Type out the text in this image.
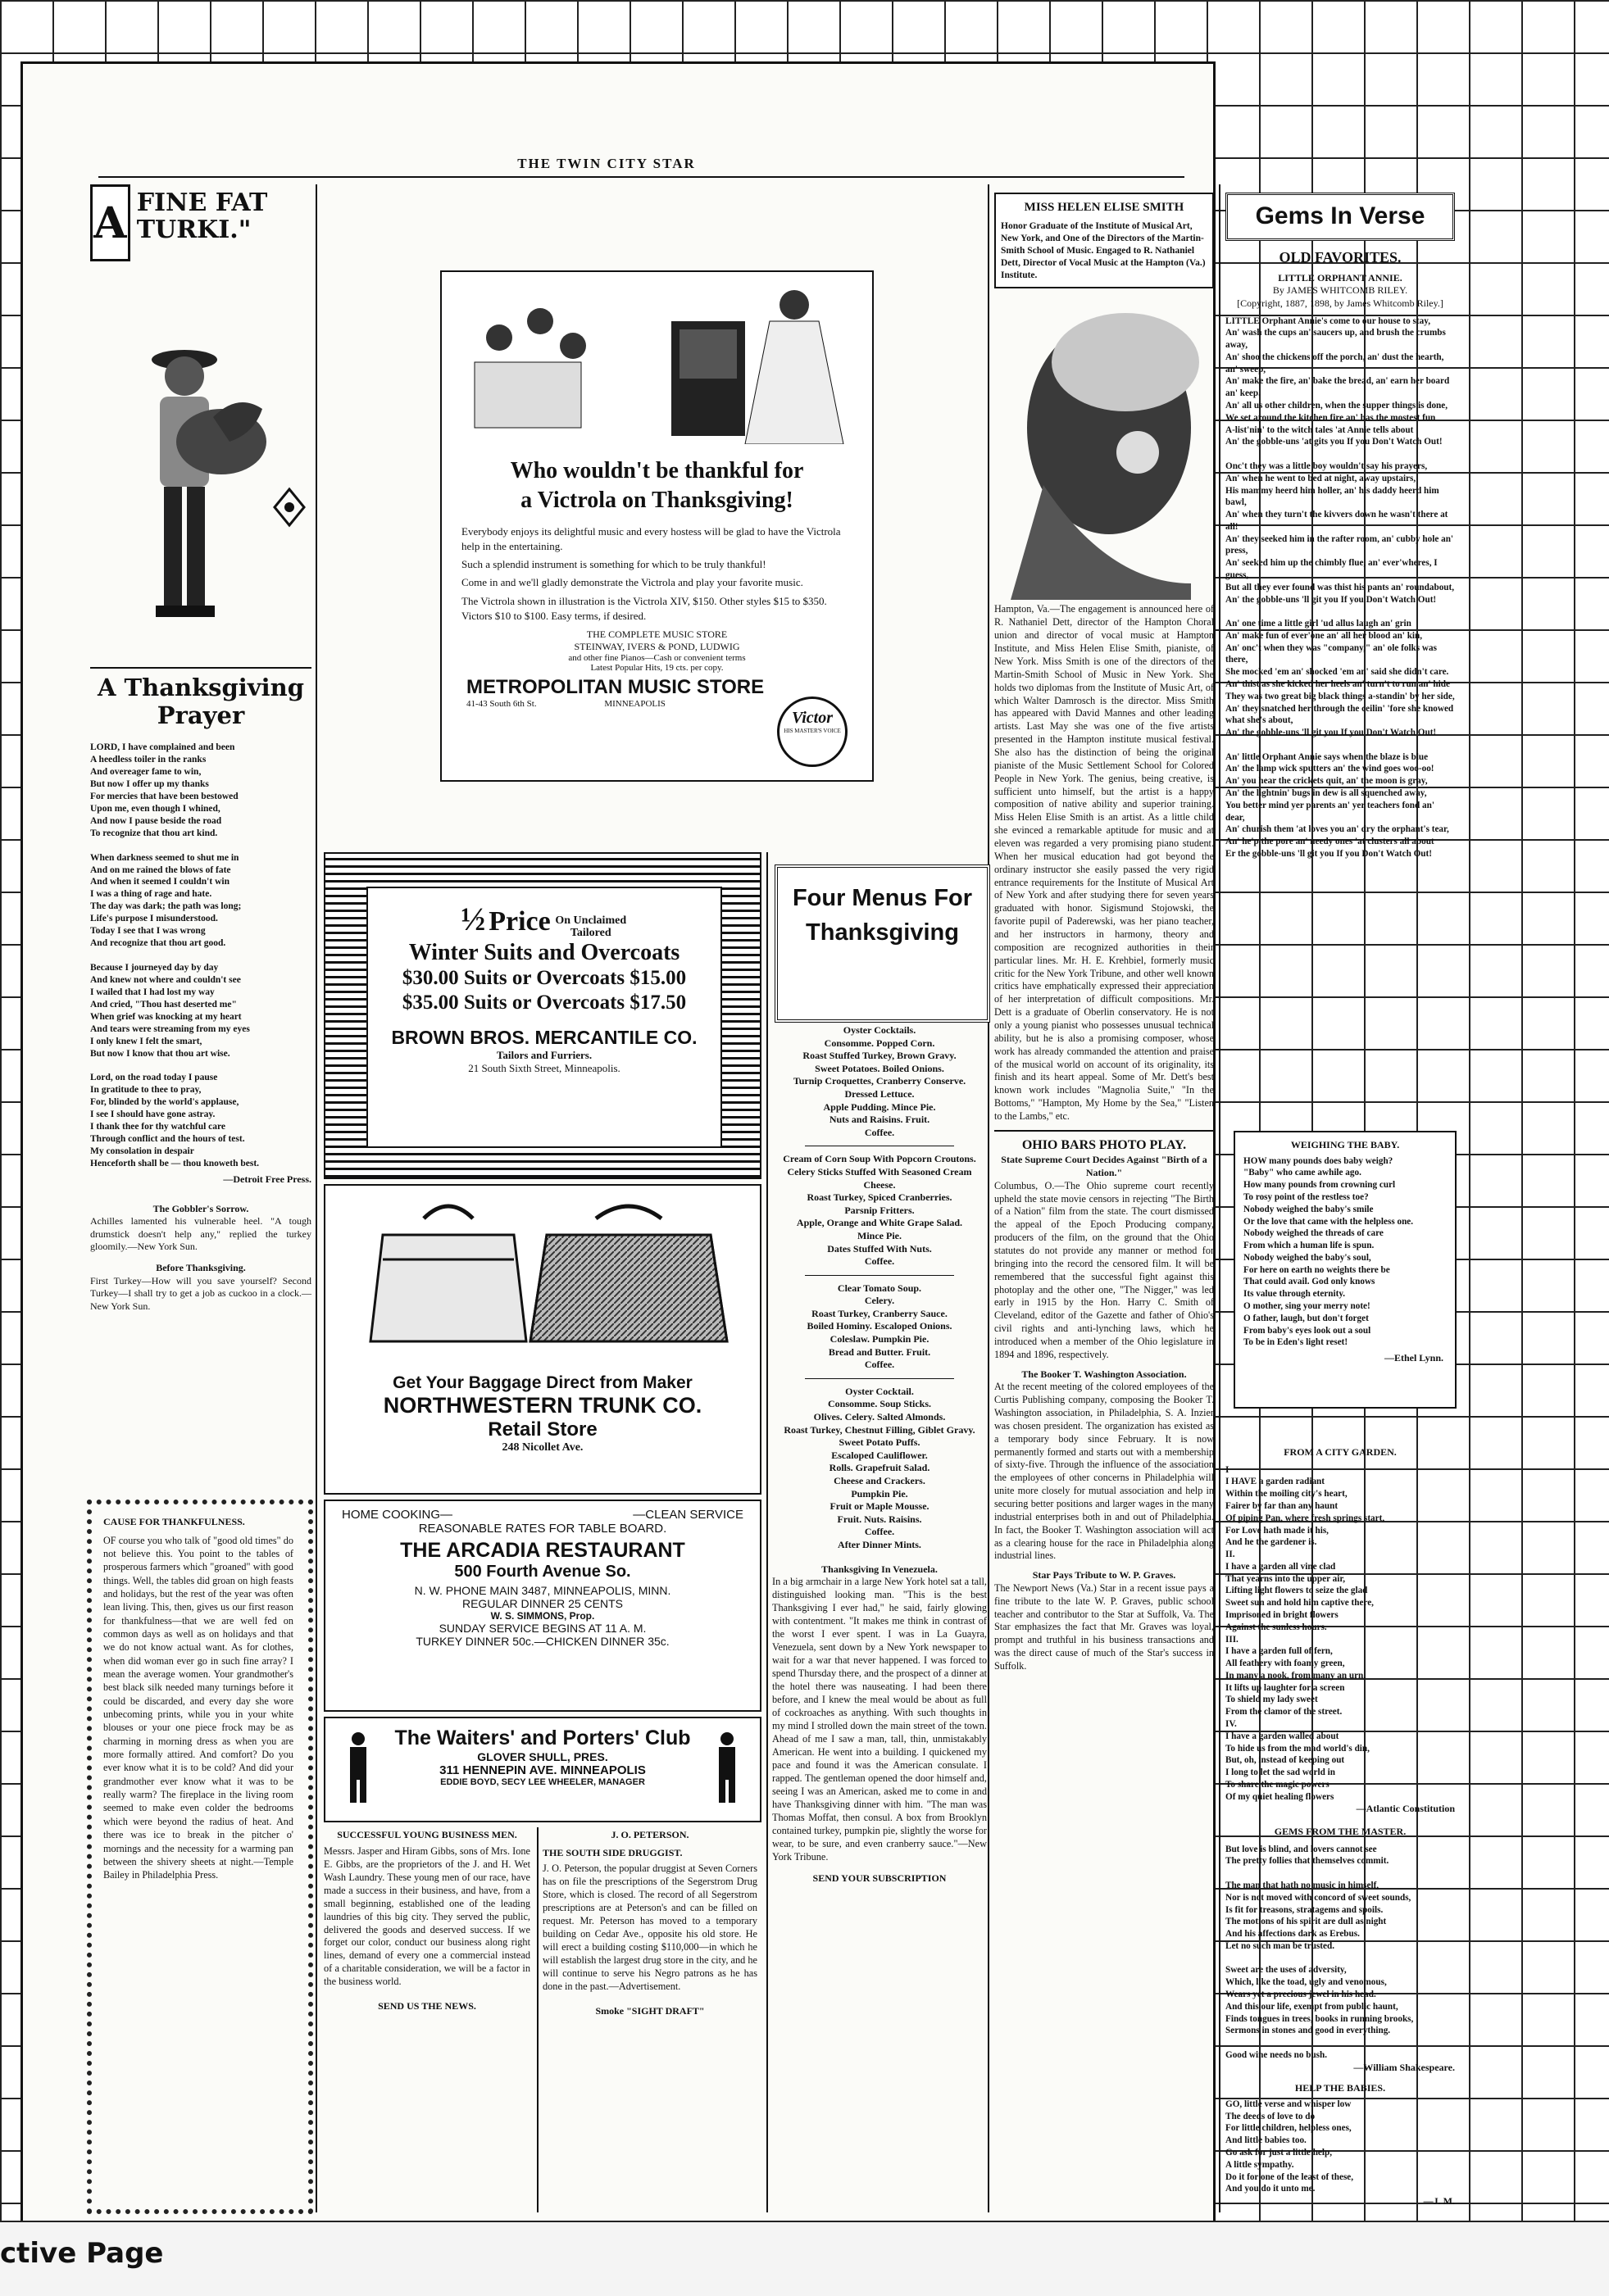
THE TWIN CITY STAR
A FINE FAT TURKI."
A Thanksgiving Prayer

LORD, I have complained and been

A heedless toiler in the ranks

And overeager fame to win,

But now I offer up my thanks

For mercies that have been bestowed

Upon me, even though I whined,

And now I pause beside the road

To recognize that thou art kind.

When darkness seemed to shut me in

And on me rained the blows of fate

And when it seemed I couldn't win

I was a thing of rage and hate.

The day was dark; the path was long;

Life's purpose I misunderstood.

Today I see that I was wrong

And recognize that thou art good.

Because I journeyed day by day

And knew not where and couldn't see

I wailed that I had lost my way

And cried, "Thou hast deserted me"

When grief was knocking at my heart

And tears were streaming from my eyes

I only knew I felt the smart,

But now I know that thou art wise.

Lord, on the road today I pause

In gratitude to thee to pray,

For, blinded by the world's applause,

I see I should have gone astray.

I thank thee for thy watchful care

Through conflict and the hours of test.

My consolation in despair

Henceforth shall be — thou knoweth best.

—Detroit Free Press.
The Gobbler's Sorrow.

Achilles lamented his vulnerable heel. "A tough drumstick doesn't help any," replied the turkey gloomily.—New York Sun.

Before Thanksgiving.

First Turkey—How will you save yourself? Second Turkey—I shall try to get a job as cuckoo in a clock.—New York Sun.

CAUSE FOR THANKFULNESS.

OF course you who talk of "good old times" do not believe this. You point to the tables of prosperous farmers which "groaned" with good things. Well, the tables did groan on high feasts and holidays, but the rest of the year was often lean living. This, then, gives us our first reason for thankfulness—that we are well fed on common days as well as on holidays and that we do not know actual want. As for clothes, when did woman ever go in such fine array? I mean the average women. Your grandmother's best black silk needed many turnings before it could be discarded, and every day she wore unbecoming prints, while you in your white blouses or your one piece frock may be as charming in morning dress as when you are more formally attired. And comfort? Do you ever know what it is to be cold? And did your grandmother ever know what it was to be really warm? The fireplace in the living room seemed to make even colder the bedrooms which were beyond the radius of heat. And there was ice to break in the pitcher o' mornings and the necessity for a warming pan between the shivery sheets at night.—Temple Bailey in Philadelphia Press.

Who wouldn't be thankful for
a Victrola on Thanksgiving!

Everybody enjoys its delightful music and every hostess will be glad to have the Victrola help in the entertaining.

Such a splendid instrument is something for which to be truly thankful!

Come in and we'll gladly demonstrate the Victrola and play your favorite music.

The Victrola shown in illustration is the Victrola XIV, $150. Other styles $15 to $350. Victors $10 to $100. Easy terms, if desired.

THE COMPLETE MUSIC STORE
STEINWAY, IVERS & POND, LUDWIG
and other fine Pianos—Cash or convenient terms
Latest Popular Hits, 19 cts. per copy.
METROPOLITAN MUSIC STORE
41-43 South 6th St.	MINNEAPOLIS
Victor
HIS MASTER'S VOICE
½ Price On Unclaimed Tailored
Winter Suits and Overcoats
$30.00 Suits or Overcoats $15.00
$35.00 Suits or Overcoats $17.50
BROWN BROS. MERCANTILE CO.
Tailors and Furriers.
21 South Sixth Street, Minneapolis.
Get Your Baggage Direct from Maker
NORTHWESTERN TRUNK CO.
Retail Store
248 Nicollet Ave.
HOME COOKING—	—CLEAN SERVICE
REASONABLE RATES FOR TABLE BOARD.
THE ARCADIA RESTAURANT
500 Fourth Avenue So.
N. W. PHONE MAIN 3487, MINNEAPOLIS, MINN.
REGULAR DINNER 25 CENTS
W. S. SIMMONS, Prop.
SUNDAY SERVICE BEGINS AT 11 A. M.
TURKEY DINNER 50c.—CHICKEN DINNER 35c.
The Waiters' and Porters' Club
GLOVER SHULL, PRES.
311 HENNEPIN AVE. MINNEAPOLIS
EDDIE BOYD, SECY LEE WHEELER, MANAGER
SUCCESSFUL YOUNG BUSINESS MEN.

Messrs. Jasper and Hiram Gibbs, sons of Mrs. Ione E. Gibbs, are the proprietors of the J. and H. Wet Wash Laundry. These young men of our race, have made a success in their business, and have, from a small beginning, established one of the leading laundries of this big city. They served the public, delivered the goods and deserved success. If we forget our color, conduct our business along right lines, demand of every one a commercial instead of a charitable consideration, we will be a factor in the business world.

SEND US THE NEWS.
J. O. PETERSON.
THE SOUTH SIDE DRUGGIST.

J. O. Peterson, the popular druggist at Seven Corners has on file the prescriptions of the Segerstrom Drug Store, which is closed. The record of all Segerstrom prescriptions are at Peterson's and can be filled on request. Mr. Peterson has moved to a temporary building on Cedar Ave., opposite his old store. He will erect a building costing $110,000—in which he will establish the largest drug store in the city, and he will continue to serve his Negro patrons as he has done in the past.—Advertisement.

Smoke "SIGHT DRAFT"
Four Menus For Thanksgiving

Oyster Cocktails.

Consomme. Popped Corn.

Roast Stuffed Turkey, Brown Gravy.

Sweet Potatoes. Boiled Onions.

Turnip Croquettes, Cranberry Conserve.

Dressed Lettuce.

Apple Pudding. Mince Pie.

Nuts and Raisins. Fruit.

Coffee.

Cream of Corn Soup With Popcorn Croutons.

Celery Sticks Stuffed With Seasoned Cream Cheese.

Roast Turkey, Spiced Cranberries.

Parsnip Fritters.

Apple, Orange and White Grape Salad.

Mince Pie.

Dates Stuffed With Nuts.

Coffee.

Clear Tomato Soup.

Celery.

Roast Turkey, Cranberry Sauce.

Boiled Hominy. Escaloped Onions.

Coleslaw. Pumpkin Pie.

Bread and Butter. Fruit.

Coffee.

Oyster Cocktail.

Consomme. Soup Sticks.

Olives. Celery. Salted Almonds.

Roast Turkey, Chestnut Filling, Giblet Gravy.

Sweet Potato Puffs.

Escaloped Cauliflower.

Rolls. Grapefruit Salad.

Cheese and Crackers.

Pumpkin Pie.

Fruit or Maple Mousse.

Fruit. Nuts. Raisins.

Coffee.

After Dinner Mints.

Thanksgiving In Venezuela.

In a big armchair in a large New York hotel sat a tall, distinguished looking man. "This is the best Thanksgiving I ever had," he said, fairly glowing with contentment. "It makes me think in contrast of the worst I ever spent. I was in La Guayra, Venezuela, sent down by a New York newspaper to wait for a war that never happened. I was forced to spend Thursday there, and the prospect of a dinner at the hotel there was nauseating. I had been there before, and I knew the meal would be about as full of cockroaches as anything. With such thoughts in my mind I strolled down the main street of the town. Ahead of me I saw a man, tall, thin, unmistakably American. He went into a building. I quickened my pace and found it was the American consulate. I rapped. The gentleman opened the door himself and, seeing I was an American, asked me to come in and have Thanksgiving dinner with him. "The man was Thomas Moffat, then consul. A box from Brooklyn contained turkey, pumpkin pie, slightly the worse for wear, to be sure, and even cranberry sauce."—New York Tribune.

SEND YOUR SUBSCRIPTION
MISS HELEN ELISE SMITH

Honor Graduate of the Institute of Musical Art, New York, and One of the Directors of the Martin-Smith School of Music. Engaged to R. Nathaniel Dett, Director of Vocal Music at the Hampton (Va.) Institute.

Hampton, Va.—The engagement is announced here of R. Nathaniel Dett, director of the Hampton Choral union and director of vocal music at Hampton Institute, and Miss Helen Elise Smith, pianiste, of New York. Miss Smith is one of the directors of the Martin-Smith School of Music in New York. She holds two diplomas from the Institute of Music Art, of which Walter Damrosch is the director. Miss Smith has appeared with David Mannes and other leading artists. Last May she was one of the five artists presented in the Hampton institute musical festival. She also has the distinction of being the original pianiste of the Music Settlement School for Colored People in New York. The genius, being creative, is sufficient unto himself, but the artist is a happy composition of native ability and superior training. Miss Helen Elise Smith is an artist. As a little child she evinced a remarkable aptitude for music and at eleven was regarded a very promising piano student. When her musical education had got beyond the ordinary instructor she easily passed the very rigid entrance requirements for the Institute of Musical Art of New York and after studying there for seven years graduated with honor. Sigismund Stojowski, the favorite pupil of Paderewski, was her piano teacher, and her instructors in harmony, theory and composition are recognized authorities in their particular lines. Mr. H. E. Krehbiel, formerly music critic for the New York Tribune, and other well known critics have emphatically expressed their appreciation of her interpretation of difficult compositions. Mr. Dett is a graduate of Oberlin conservatory. He is not only a young pianist who possesses unusual technical ability, but he is also a promising composer, whose work has already commanded the attention and praise of the musical world on account of its originality, its finish and its heart appeal. Some of Mr. Dett's best known work includes "Magnolia Suite," "In the Bottoms," "Hampton, My Home by the Sea," "Listen to the Lambs," etc.

OHIO BARS PHOTO PLAY.
State Supreme Court Decides Against "Birth of a Nation."

Columbus, O.—The Ohio supreme court recently upheld the state movie censors in rejecting "The Birth of a Nation" film from the state. The court dismissed the appeal of the Epoch Producing company, producers of the film, on the ground that the Ohio statutes do not provide any manner or method for bringing into the record the censored film. It will be remembered that the successful fight against this photoplay and the other one, "The Nigger," was led early in 1915 by the Hon. Harry C. Smith of Cleveland, editor of the Gazette and father of Ohio's civil rights and anti-lynching laws, which he introduced when a member of the Ohio legislature in 1894 and 1896, respectively.

The Booker T. Washington Association.

At the recent meeting of the colored employees of the Curtis Publishing company, composing the Booker T. Washington association, in Philadelphia, S. A. Inzier was chosen president. The organization has existed as a temporary body since February. It is now permanently formed and starts out with a membership of sixty-five. Through the influence of the association the employees of other concerns in Philadelphia will unite more closely for mutual association and help in securing better positions and larger wages in the many industrial enterprises both in and out of Philadelphia. In fact, the Booker T. Washington association will act as a clearing house for the race in Philadelphia along industrial lines.

Star Pays Tribute to W. P. Graves.

The Newport News (Va.) Star in a recent issue pays a fine tribute to the late W. P. Graves, public school teacher and contributor to the Star at Suffolk, Va. The Star emphasizes the fact that Mr. Graves was loyal, prompt and truthful in his business transactions and was the direct cause of much of the Star's success in Suffolk.

Gems In Verse
OLD FAVORITES.
LITTLE ORPHANT ANNIE.
By JAMES WHITCOMB RILEY.
[Copyright, 1887, 1898, by James Whitcomb Riley.]

LITTLE Orphant Annie's come to our house to stay,

An' wash the cups an' saucers up, and brush the crumbs away,

An' shoo the chickens off the porch, an' dust the hearth, an' sweep,

An' make the fire, an' bake the bread, an' earn her board an' keep.

An' all us other children, when the supper things is done,

We set around the kitchen fire an' has the mostest fun

A-list'nin' to the witch tales 'at Annie tells about

An' the gobble-uns 'at gits you If you Don't Watch Out!

Onc't they was a little boy wouldn't say his prayers,

An' when he went to bed at night, away upstairs,

His mammy heerd him holler, an' his daddy heerd him bawl,

An' when they turn't the kivvers down he wasn't there at all!

An' they seeked him in the rafter room, an' cubby hole an' press,

An' seeked him up the chimbly flue, an' ever'wheres, I guess,

But all they ever found was thist his pants an' roundabout,

An' the gobble-uns 'll git you If you Don't Watch Out!

An' one time a little girl 'ud allus laugh an' grin

An' make fun of ever'one an' all her blood an' kin,

An' onc't when they was "company," an' ole folks was there,

She mocked 'em an' shocked 'em an' said she didn't care.

An' thist as she kicked her heels an' turn't to run an' hide

They was two great big black things a-standin' by her side,

An' they snatched her through the ceilin' 'fore she knowed what she's about,

An' the gobble-uns 'll git you If you Don't Watch Out!

An' little Orphant Annie says when the blaze is blue

An' the lamp wick sputters an' the wind goes woo-oo!

An' you hear the crickets quit, an' the moon is gray,

An' the lightnin' bugs in dew is all squenched away,

You better mind yer parents an' yer teachers fond an' dear,

An' churish them 'at loves you an' dry the orphant's tear,

An' he'p the pore an' needy ones 'at clusters all about

Er the gobble-uns 'll git you If you Don't Watch Out!

WEIGHING THE BABY.

HOW many pounds does baby weigh?

"Baby" who came awhile ago.

How many pounds from crowning curl

To rosy point of the restless toe?

Nobody weighed the baby's smile

Or the love that came with the helpless one.

Nobody weighed the threads of care

From which a human life is spun.

Nobody weighed the baby's soul,

For here on earth no weights there be

That could avail. God only knows

Its value through eternity.

O mother, sing your merry note!

O father, laugh, but don't forget

From baby's eyes look out a soul

To be in Eden's light reset!

—Ethel Lynn.
FROM A CITY GARDEN.

I

I HAVE a garden radiant

Within the moiling city's heart,

Fairer by far than any haunt

Of piping Pan, where fresh springs start,

For Love hath made it his,

And he the gardener is.

II.

I have a garden all vine clad

That yearns into the upper air,

Lifting light flowers to seize the glad

Sweet sun and hold him captive there,

Imprisoned in bright flowers

Against the sunless hours.

III.

I have a garden full of fern,

All feathery with foamy green,

In many a nook, from many an urn,

It lifts up laughter for a screen

To shield my lady sweet

From the clamor of the street.

IV.

I have a garden walled about

To hide us from the mad world's din,

But, oh, instead of keeping out

I long to let the sad world in

To share the magic powers

Of my quiet healing flowers

—Atlantic Constitution
GEMS FROM THE MASTER.

But love is blind, and lovers cannot see

The pretty follies that themselves commit.

The man that hath no music in himself,

Nor is not moved with concord of sweet sounds,

Is fit for treasons, stratagems and spoils.

The motions of his spirit are dull as night

And his affections dark as Erebus.

Let no such man be trusted.

Sweet are the uses of adversity,

Which, like the toad, ugly and venomous,

Wears yet a precious jewel in his head.

And this our life, exempt from public haunt,

Finds tongues in trees, books in running brooks,

Sermons in stones and good in everything.

Good wine needs no bush.

—William Shakespeare.
HELP THE BABIES.

GO, little verse and whisper low

The deeds of love to do

For little children, helpless ones,

And little babies too.

Go ask for just a little help,

A little sympathy.

Do it for one of the least of these,

And you do it unto me.

—J. M.
ctive Page
